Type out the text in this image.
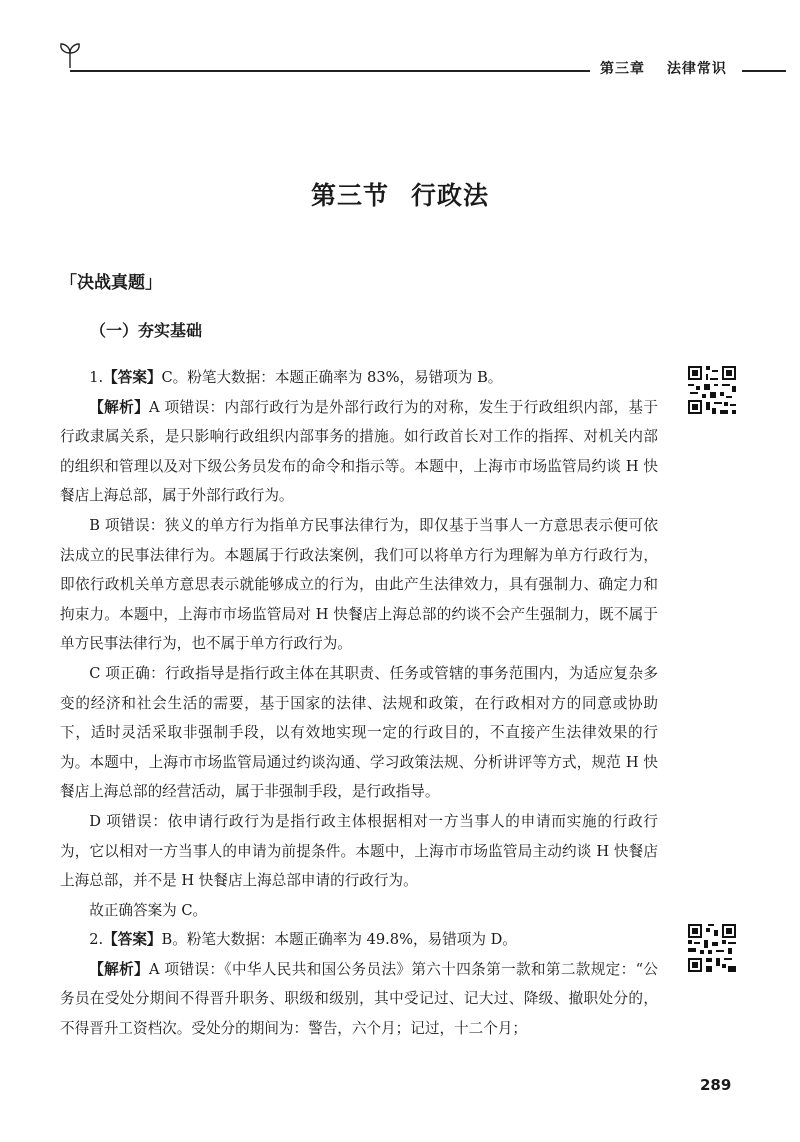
第三章 法律常识
第三节 行政法
「决战真题」
（一）夯实基础

1.【答案】C。粉笔大数据：本题正确率为 83%，易错项为 B。

【解析】A 项错误：内部行政行为是外部行政行为的对称，发生于行政组织内部，基于行政隶属关系，是只影响行政组织内部事务的措施。如行政首长对工作的指挥、对机关内部的组织和管理以及对下级公务员发布的命令和指示等。本题中，上海市市场监管局约谈 H 快餐店上海总部，属于外部行政行为。

B 项错误：狭义的单方行为指单方民事法律行为，即仅基于当事人一方意思表示便可依法成立的民事法律行为。本题属于行政法案例，我们可以将单方行为理解为单方行政行为，即依行政机关单方意思表示就能够成立的行为，由此产生法律效力，具有强制力、确定力和拘束力。本题中，上海市市场监管局对 H 快餐店上海总部的约谈不会产生强制力，既不属于单方民事法律行为，也不属于单方行政行为。

C 项正确：行政指导是指行政主体在其职责、任务或管辖的事务范围内，为适应复杂多变的经济和社会生活的需要，基于国家的法律、法规和政策，在行政相对方的同意或协助下，适时灵活采取非强制手段，以有效地实现一定的行政目的，不直接产生法律效果的行为。本题中，上海市市场监管局通过约谈沟通、学习政策法规、分析讲评等方式，规范 H 快餐店上海总部的经营活动，属于非强制手段，是行政指导。

D 项错误：依申请行政行为是指行政主体根据相对一方当事人的申请而实施的行政行为，它以相对一方当事人的申请为前提条件。本题中，上海市市场监管局主动约谈 H 快餐店上海总部，并不是 H 快餐店上海总部申请的行政行为。

故正确答案为 C。

2.【答案】B。粉笔大数据：本题正确率为 49.8%，易错项为 D。

【解析】A 项错误：《中华人民共和国公务员法》第六十四条第一款和第二款规定：“公务员在受处分期间不得晋升职务、职级和级别，其中受记过、记大过、降级、撤职处分的，不得晋升工资档次。受处分的期间为：警告，六个月；记过，十二个月；

289
